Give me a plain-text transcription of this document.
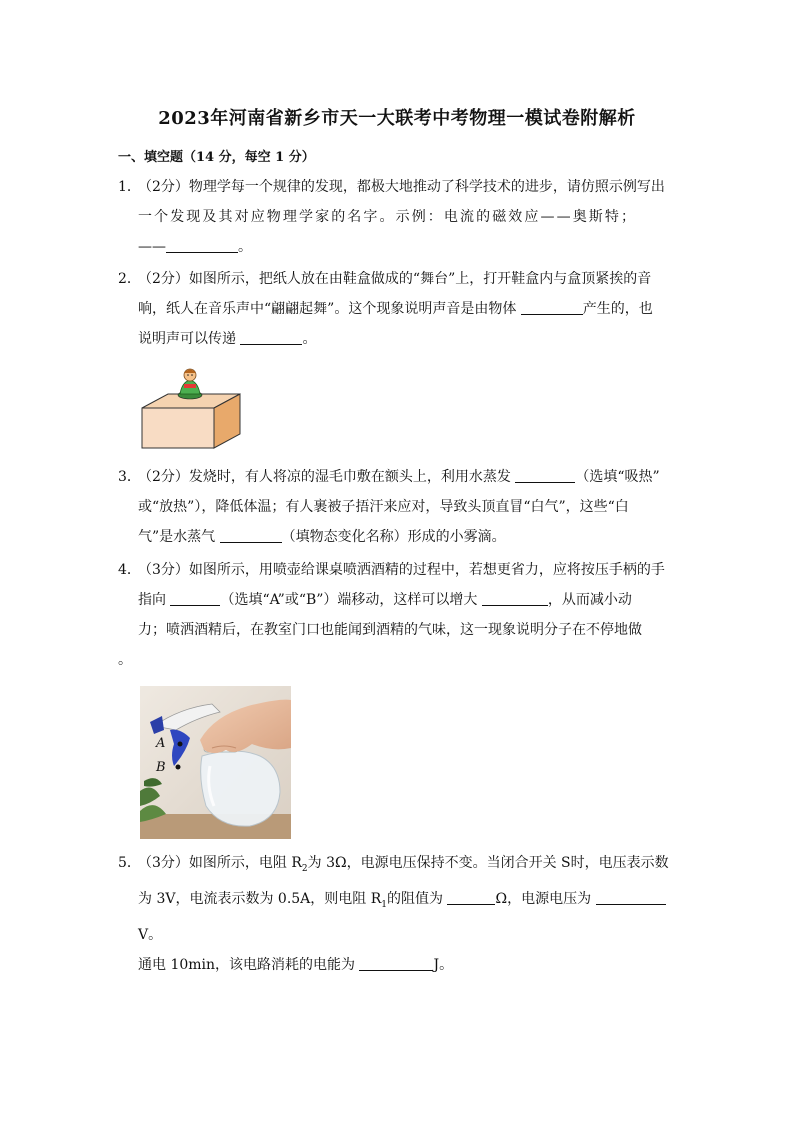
2023年河南省新乡市天一大联考中考物理一模试卷附解析
一、填空题（14 分，每空 1 分）
1．
（2分）物理学每一个规律的发现，都极大地推动了科学技术的进步，请仿照示例写出
一个发现及其对应物理学家的名字。示例：电流的磁效应——奥斯特；
——	。
2．
（2分）如图所示，把纸人放在由鞋盒做成的“舞台”上，打开鞋盒内与盒顶紧挨的音
响，纸人在音乐声中“翩翩起舞”。这个现象说明声音是由物体	产生的，也
说明声可以传递	。
3．
（2分）发烧时，有人将凉的湿毛巾敷在额头上，利用水蒸发	（选填“吸热”
或“放热”），降低体温；有人裹被子捂汗来应对，导致头顶直冒“白气”，这些“白
气”是水蒸气	（填物态变化名称）形成的小雾滴。
4．
（3分）如图所示，用喷壶给课桌喷洒酒精的过程中，若想更省力，应将按压手柄的手
指向	（选填“A”或“B”）端移动，这样可以增大	，从而减小动
力；喷洒酒精后，在教室门口也能闻到酒精的气味，这一现象说明分子在不停地做
。
A
B
5．
（3分）如图所示，电阻 $R_2$为 3Ω，电源电压保持不变。当闭合开关 S时，电压表示数
为 3V，电流表示数为 0.5A，则电阻 $R_1$的阻值为	Ω，电源电压为 V。
通电 10min，该电路消耗的电能为	J。
